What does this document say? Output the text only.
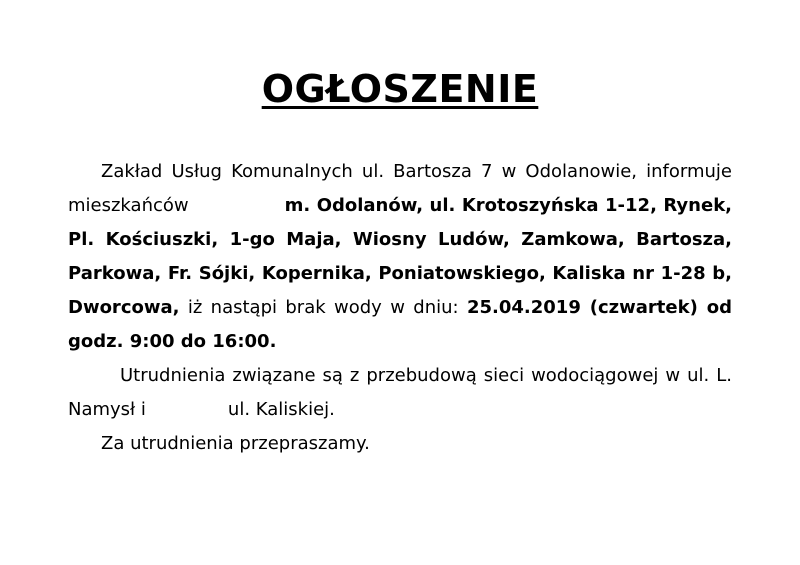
OGŁOSZENIE

Zakład Usług Komunalnych ul. Bartosza 7 w Odolanowie, informuje mieszkańców	m. Odolanów, ul. Krotoszyńska 1-12, Rynek, Pl. Kościuszki, 1-go Maja, Wiosny Ludów, Zamkowa, Bartosza, Parkowa, Fr. Sójki, Kopernika, Poniatowskiego, Kaliska nr 1-28 b, Dworcowa, iż nastąpi brak wody w dniu: 25.04.2019 (czwartek) od godz. 9:00 do 16:00.

Utrudnienia związane są z przebudową sieci wodociągowej w ul. L. Namysł i	ul. Kaliskiej.

Za utrudnienia przepraszamy.
